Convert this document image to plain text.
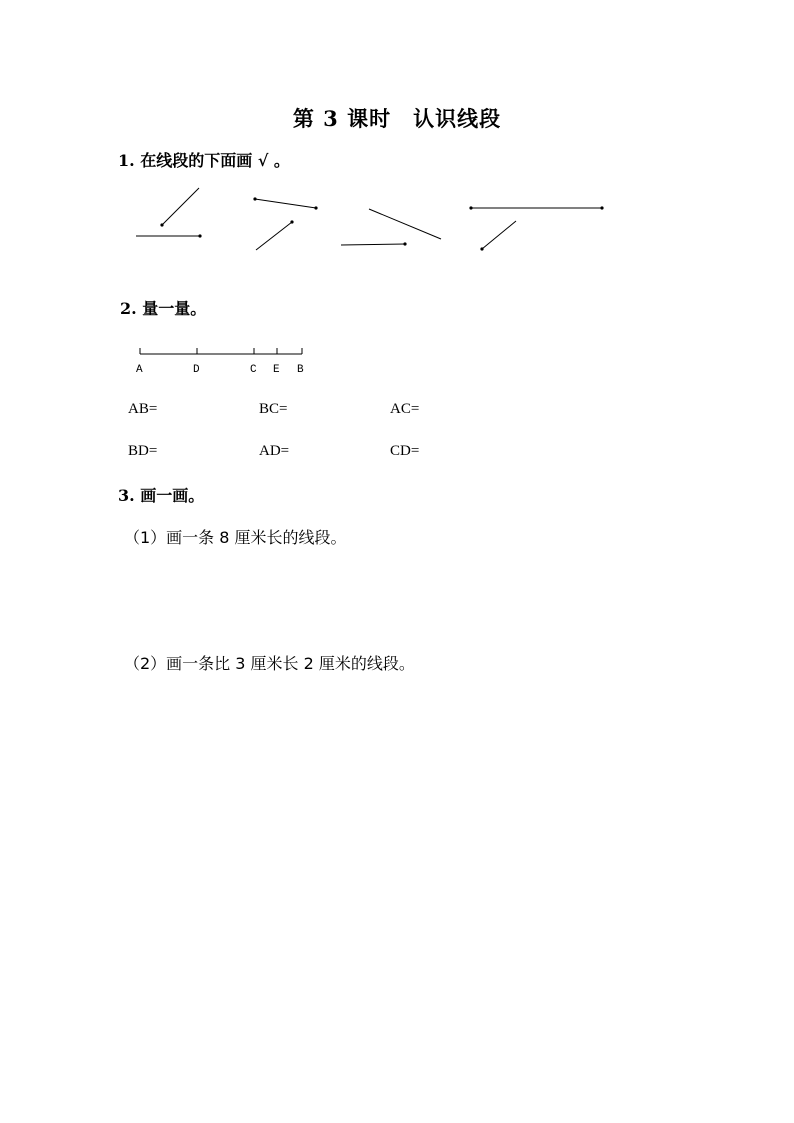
第 3 课时　认识线段
1. 在线段的下面画 √ 。
2. 量一量。
A	D	C E B
AB=	BC=	AC=
BD=	AD=	CD=
3. 画一画。
（1）画一条 8 厘米长的线段。
（2）画一条比 3 厘米长 2 厘米的线段。
